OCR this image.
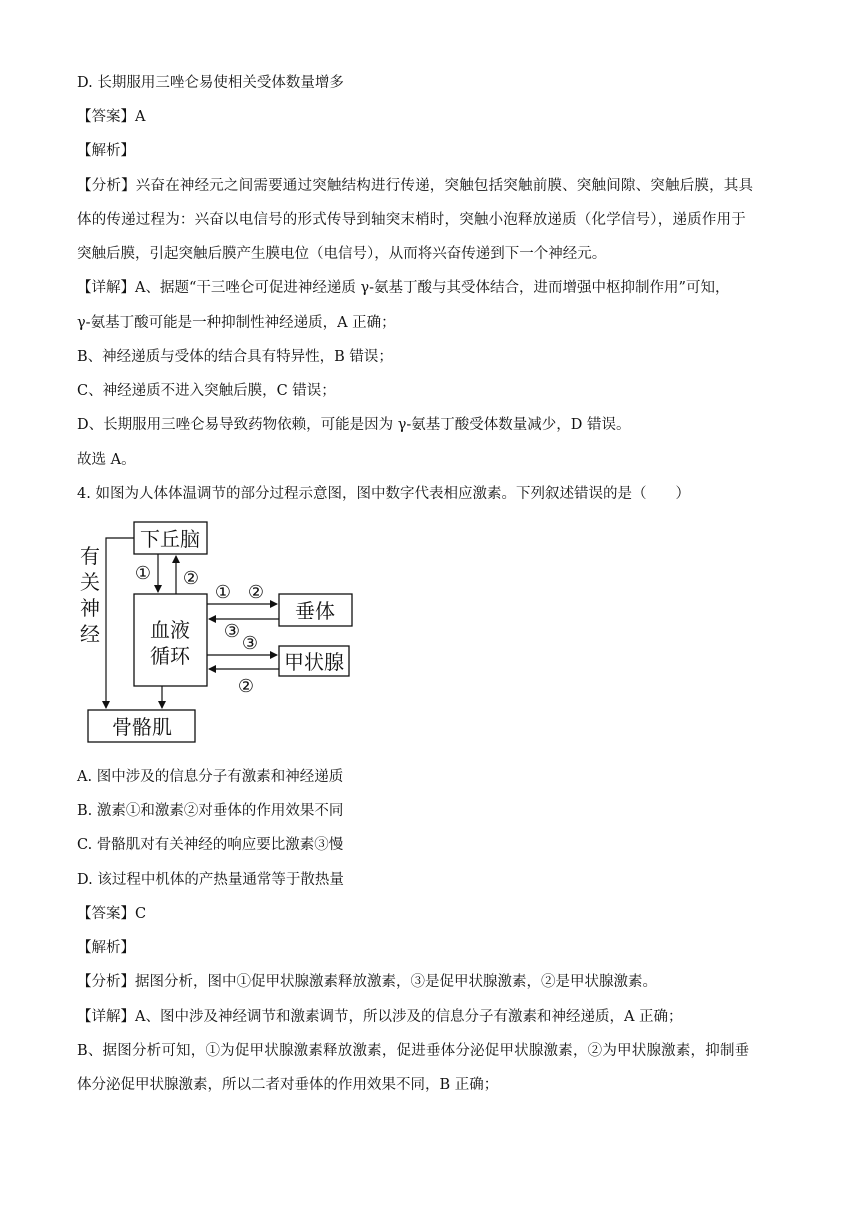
D. 长期服用三唑仑易使相关受体数量增多
【答案】A
【解析】
【分析】兴奋在神经元之间需要通过突触结构进行传递，突触包括突触前膜、突触间隙、突触后膜，其具
体的传递过程为：兴奋以电信号的形式传导到轴突末梢时，突触小泡释放递质（化学信号），递质作用于
突触后膜，引起突触后膜产生膜电位（电信号），从而将兴奋传递到下一个神经元。
【详解】A、据题“干三唑仑可促进神经递质 γ-氨基丁酸与其受体结合，进而增强中枢抑制作用”可知，
γ-氨基丁酸可能是一种抑制性神经递质，A 正确；
B、神经递质与受体的结合具有特异性，B 错误；
C、神经递质不进入突触后膜，C 错误；
D、长期服用三唑仑易导致药物依赖，可能是因为 γ-氨基丁酸受体数量减少，D 错误。
故选 A。
4. 如图为人体体温调节的部分过程示意图，图中数字代表相应激素。下列叙述错误的是（　　）
A. 图中涉及的信息分子有激素和神经递质
B. 激素①和激素②对垂体的作用效果不同
C. 骨骼肌对有关神经的响应要比激素③慢
D. 该过程中机体的产热量通常等于散热量
【答案】C
【解析】
【分析】据图分析，图中①促甲状腺激素释放激素，③是促甲状腺激素，②是甲状腺激素。
【详解】A、图中涉及神经调节和激素调节，所以涉及的信息分子有激素和神经递质，A 正确；
B、据图分析可知，①为促甲状腺激素释放激素，促进垂体分泌促甲状腺激素，②为甲状腺激素，抑制垂
体分泌促甲状腺激素，所以二者对垂体的作用效果不同，B 正确；
下丘脑
血液
循环
垂体
甲状腺
骨骼肌
有
关
神
经
① ②
① ②
③
③
②
